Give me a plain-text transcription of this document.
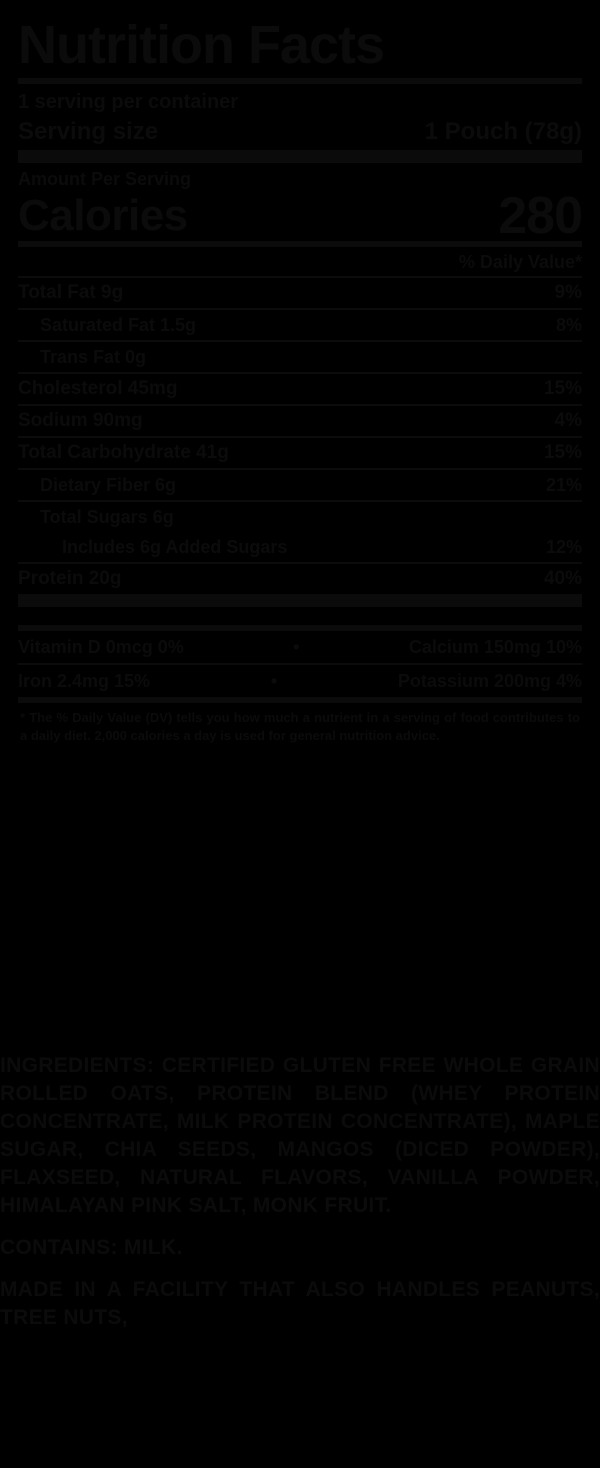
Nutrition Facts
1 serving per container
Serving size	1 Pouch (78g)
Amount Per Serving
Calories	280
% Daily Value*
Total Fat 9g	9%
Saturated Fat 1.5g	8%
Trans Fat 0g
Cholesterol 45mg	15%
Sodium 90mg	4%
Total Carbohydrate 41g	15%
Dietary Fiber 6g	21%
Total Sugars 6g
Includes 6g Added Sugars	12%
Protein 20g	40%
Vitamin D 0mcg 0%	•	Calcium 150mg 10%
Iron 2.4mg 15%	•	Potassium 200mg 4%
* The % Daily Value (DV) tells you how much a nutrient in a serving of food contributes to a daily diet. 2,000 calories a day is used for general nutrition advice.

INGREDIENTS: CERTIFIED GLUTEN FREE WHOLE GRAIN ROLLED OATS, PROTEIN BLEND (WHEY PROTEIN CONCENTRATE, MILK PROTEIN CONCENTRATE), MAPLE SUGAR, CHIA SEEDS, MANGOS (DICED POWDER), FLAXSEED, NATURAL FLAVORS, VANILLA POWDER, HIMALAYAN PINK SALT, MONK FRUIT.

CONTAINS: MILK.

MADE IN A FACILITY THAT ALSO HANDLES PEANUTS, TREE NUTS,
